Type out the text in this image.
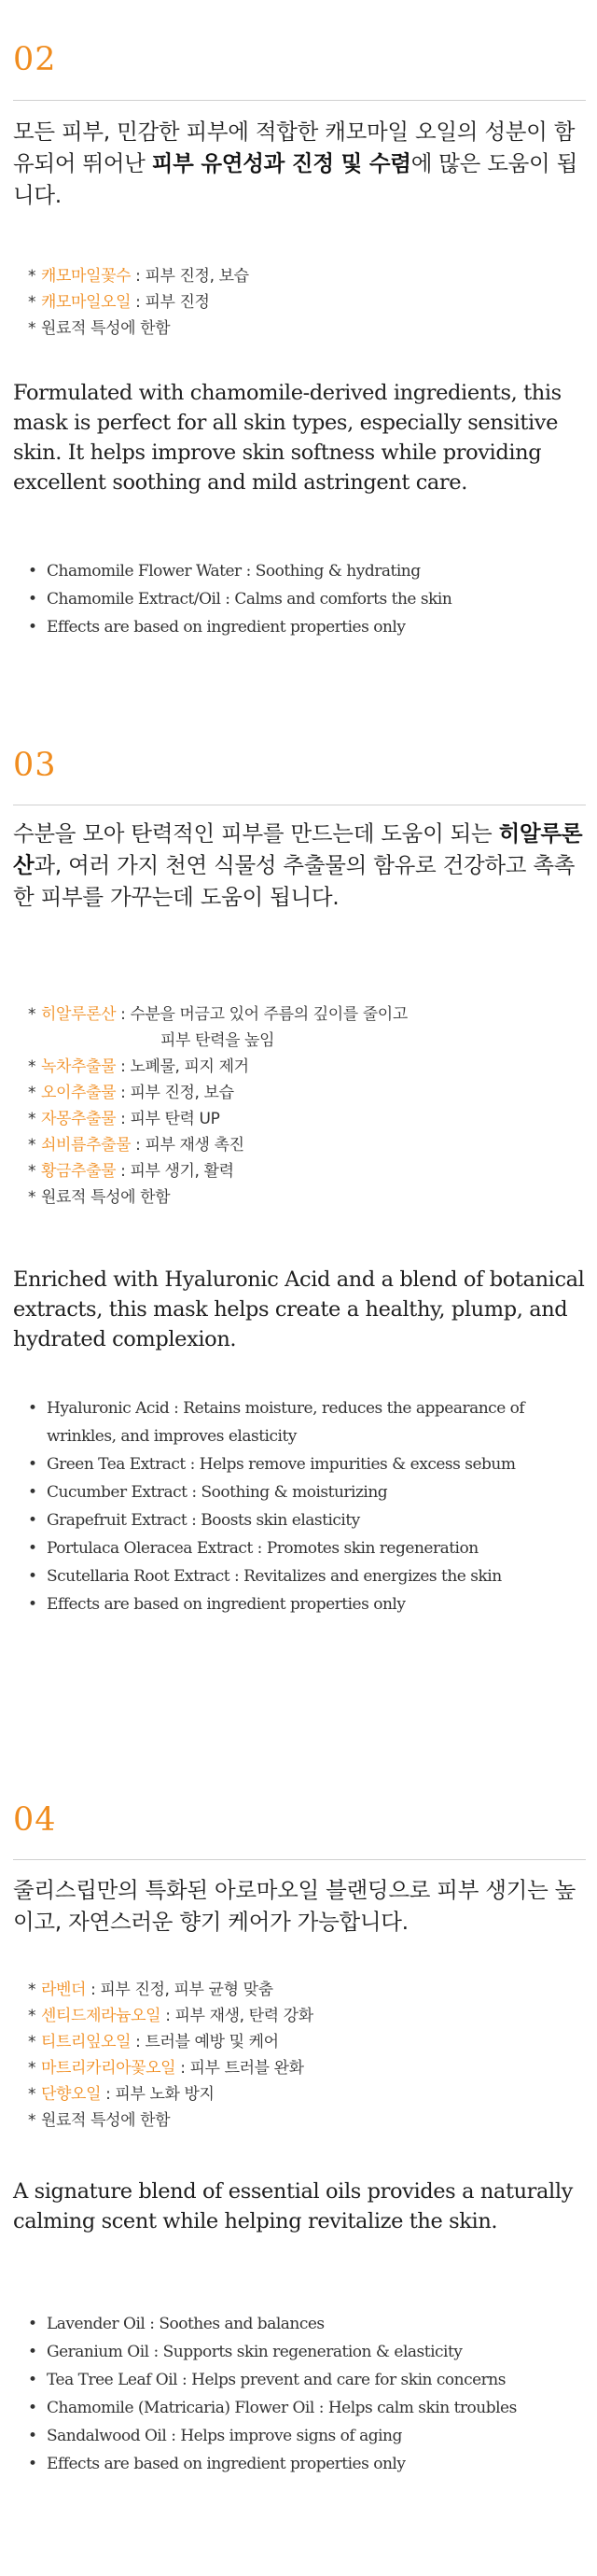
02

모든 피부, 민감한 피부에 적합한 캐모마일 오일의 성분이 함유되어 뛰어난 피부 유연성과 진정 및 수렴에 많은 도움이 됩니다.

* 캐모마일꽃수 : 피부 진정, 보습
* 캐모마일오일 : 피부 진정
* 원료적 특성에 한함

Formulated with chamomile-derived ingredients, this mask is perfect for all skin types, especially sensitive skin. It helps improve skin softness while providing excellent soothing and mild astringent care.

• Chamomile Flower Water : Soothing & hydrating
• Chamomile Extract/Oil : Calms and comforts the skin
• Effects are based on ingredient properties only
03

수분을 모아 탄력적인 피부를 만드는데 도움이 되는 히알루론산과, 여러 가지 천연 식물성 추출물의 함유로 건강하고 촉촉한 피부를 가꾸는데 도움이 됩니다.

* 히알루론산 : 수분을 머금고 있어 주름의 깊이를 줄이고
피부 탄력을 높임
* 녹차추출물 : 노폐물, 피지 제거
* 오이추출물 : 피부 진정, 보습
* 자몽추출물 : 피부 탄력 UP
* 쇠비름추출물 : 피부 재생 촉진
* 황금추출물 : 피부 생기, 활력
* 원료적 특성에 한함

Enriched with Hyaluronic Acid and a blend of botanical extracts, this mask helps create a healthy, plump, and hydrated complexion.

• Hyaluronic Acid : Retains moisture, reduces the appearance of wrinkles, and improves elasticity
• Green Tea Extract : Helps remove impurities & excess sebum
• Cucumber Extract : Soothing & moisturizing
• Grapefruit Extract : Boosts skin elasticity
• Portulaca Oleracea Extract : Promotes skin regeneration
• Scutellaria Root Extract : Revitalizes and energizes the skin
• Effects are based on ingredient properties only
04

줄리스립만의 특화된 아로마오일 블랜딩으로 피부 생기는 높이고, 자연스러운 향기 케어가 가능합니다.

* 라벤더 : 피부 진정, 피부 균형 맞춤
* 센티드제라늄오일 : 피부 재생, 탄력 강화
* 티트리잎오일 : 트러블 예방 및 케어
* 마트리카리아꽃오일 : 피부 트러블 완화
* 단향오일 : 피부 노화 방지
* 원료적 특성에 한함

A signature blend of essential oils provides a naturally calming scent while helping revitalize the skin.

• Lavender Oil : Soothes and balances
• Geranium Oil : Supports skin regeneration & elasticity
• Tea Tree Leaf Oil : Helps prevent and care for skin concerns
• Chamomile (Matricaria) Flower Oil : Helps calm skin troubles
• Sandalwood Oil : Helps improve signs of aging
• Effects are based on ingredient properties only
